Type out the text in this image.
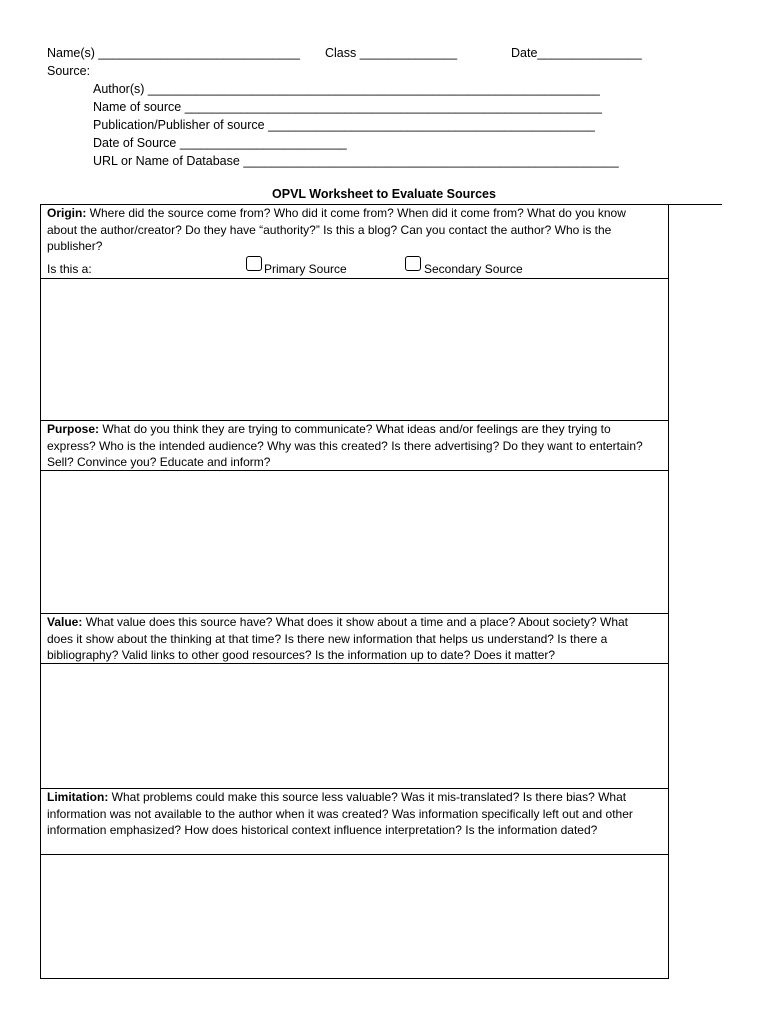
Name(s) _____________________________ Class ______________	Date_______________
Source:
Author(s) _________________________________________________________________
Name of source ____________________________________________________________
Publication/Publisher of source _______________________________________________
Date of Source ________________________
URL or Name of Database ______________________________________________________
OPVL Worksheet to Evaluate Sources
Origin: Where did the source come from? Who did it come from? When did it come from? What do you know about the author/creator? Do they have “authority?” Is this a blog? Can you contact the author? Who is the publisher?
Is this a:	Primary Source	Secondary Source
Purpose: What do you think they are trying to communicate? What ideas and/or feelings are they trying to express? Who is the intended audience? Why was this created? Is there advertising? Do they want to entertain? Sell? Convince you? Educate and inform?
Value: What value does this source have? What does it show about a time and a place? About society? What does it show about the thinking at that time? Is there new information that helps us understand? Is there a bibliography? Valid links to other good resources? Is the information up to date? Does it matter?
Limitation: What problems could make this source less valuable? Was it mis-translated? Is there bias? What information was not available to the author when it was created? Was information specifically left out and other information emphasized? How does historical context influence interpretation? Is the information dated?
